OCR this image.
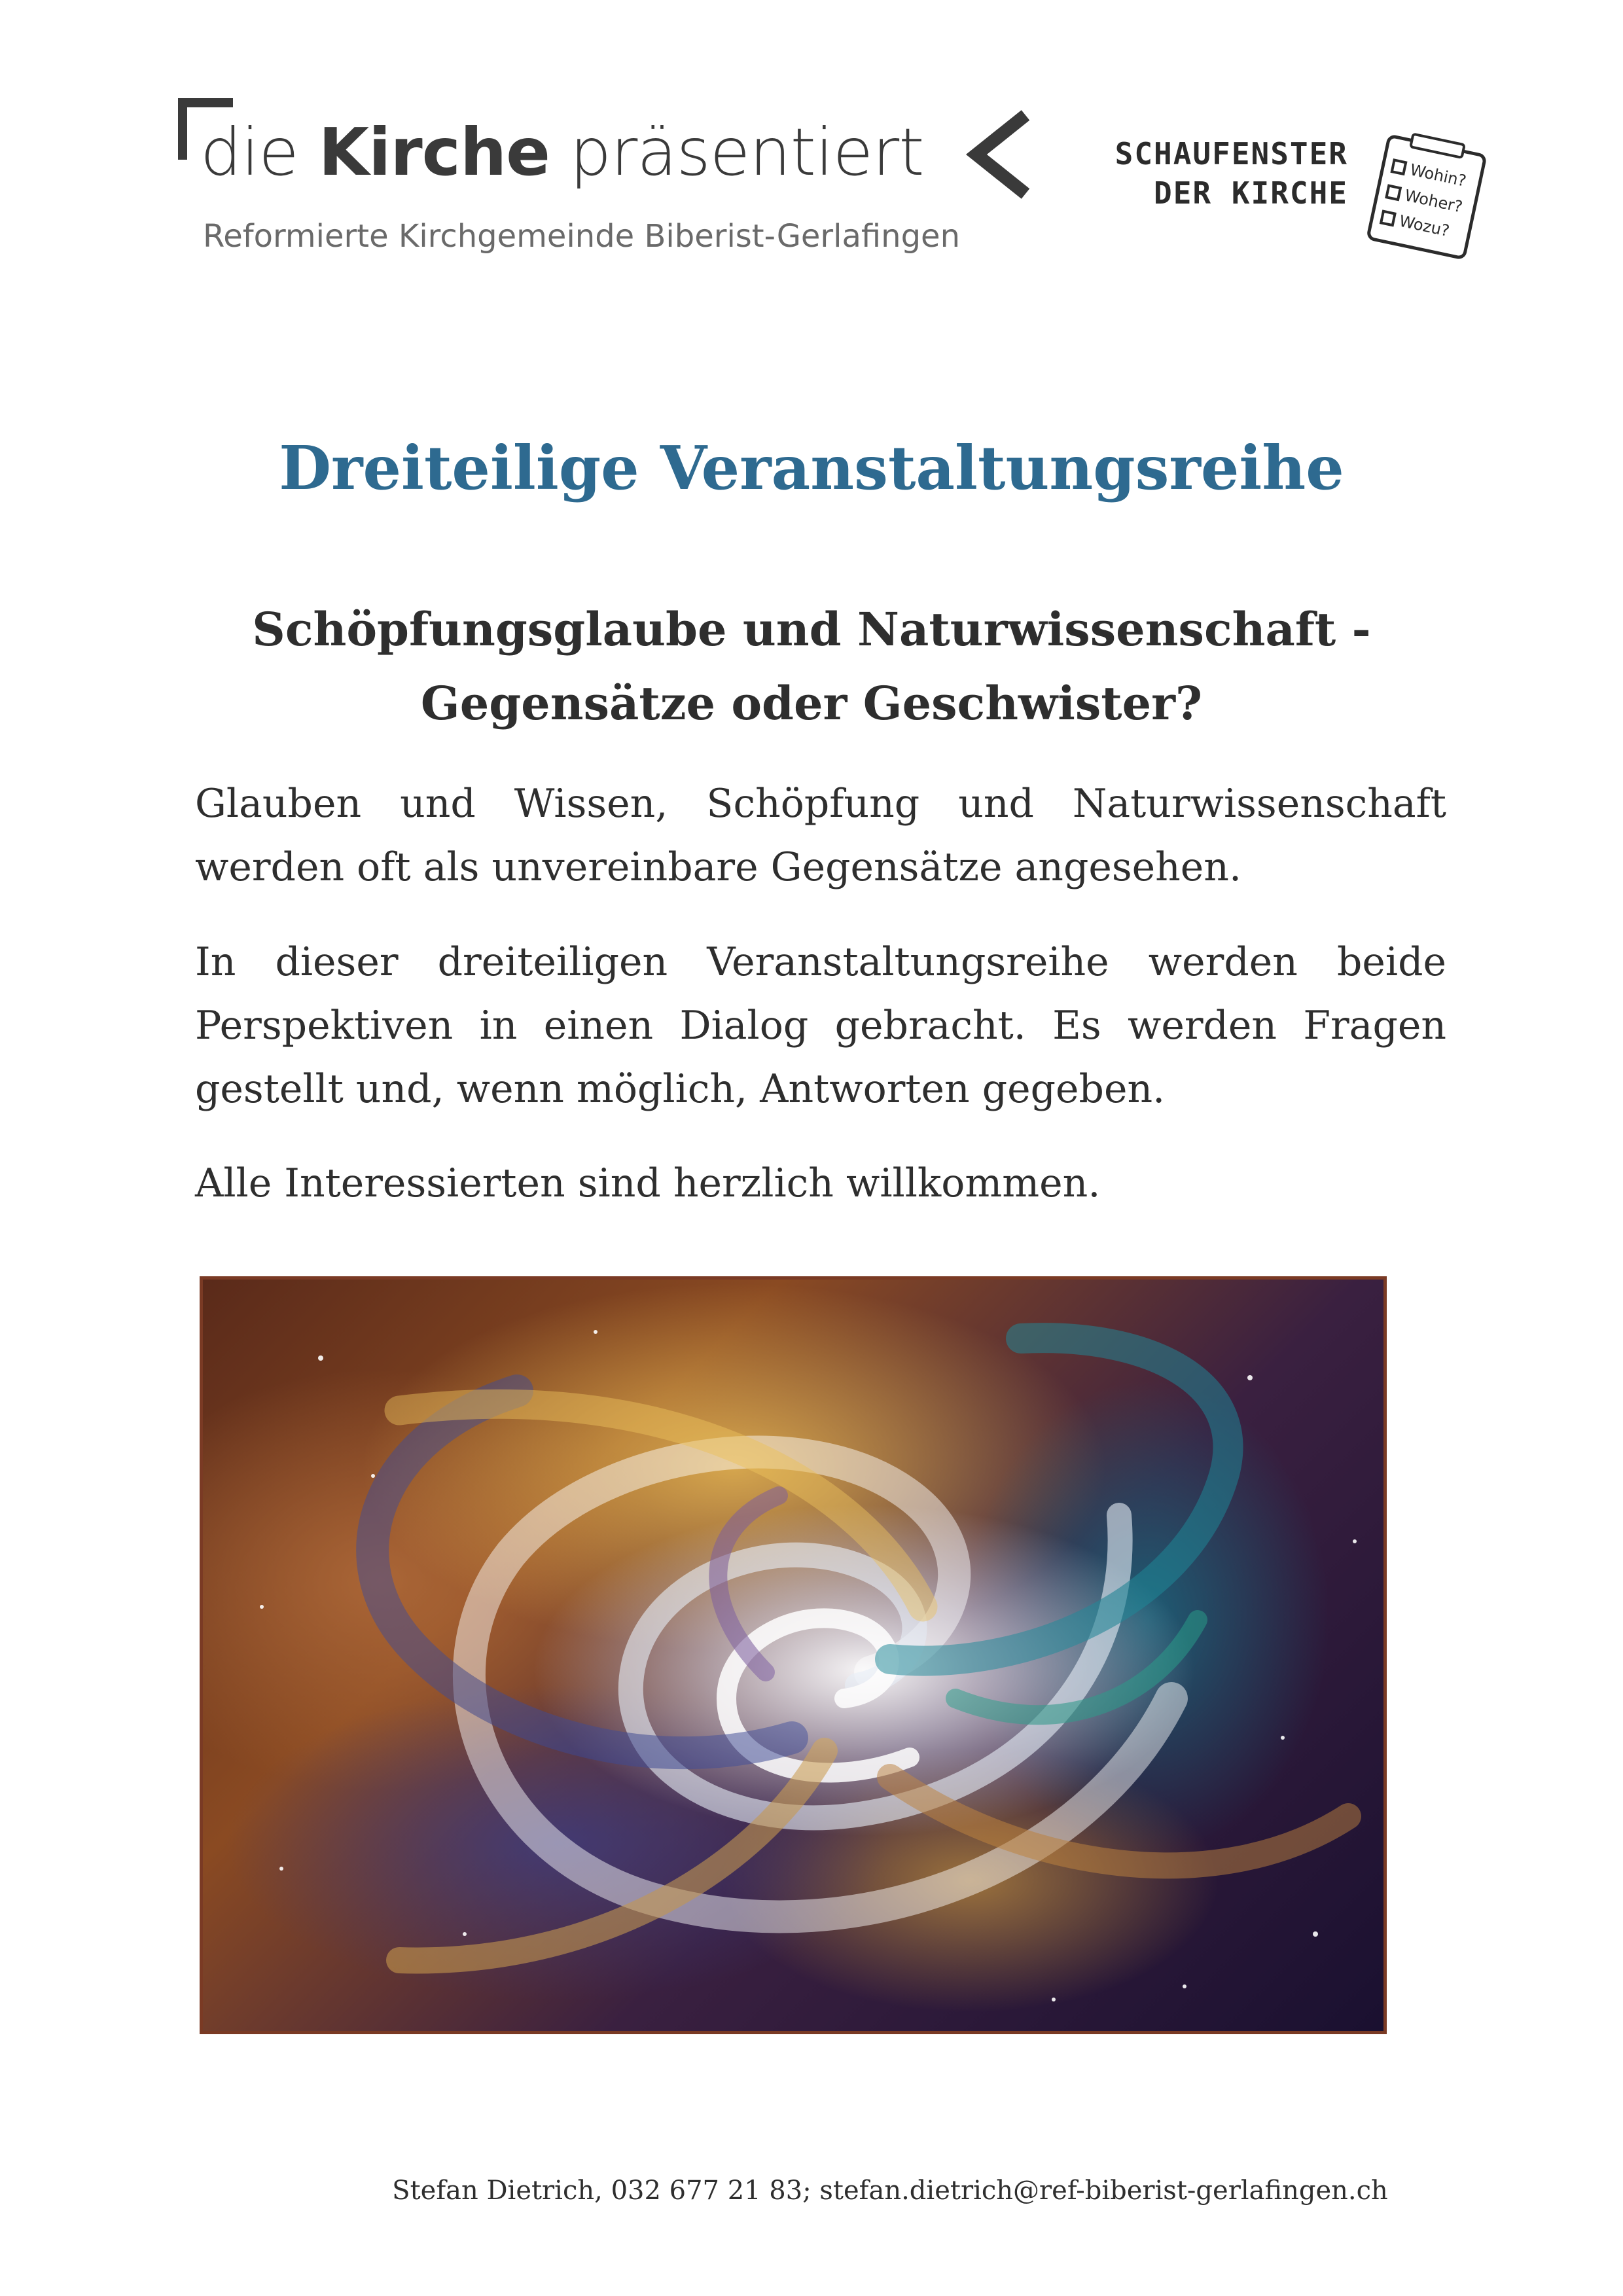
die Kirche präsentiert
Reformierte Kirchgemeinde Biberist-Gerlafingen
SCHAUFENSTER
DER KIRCHE
Wohin?
Woher?
Wozu?
Dreiteilige Veranstaltungsreihe
Schöpfungsglaube und Naturwissenschaft -
Gegensätze oder Geschwister?

Glauben und Wissen, Schöpfung und Naturwissenschaft werden oft als unvereinbare Gegensätze angesehen.

In dieser dreiteiligen Veranstaltungsreihe werden beide Perspektiven in einen Dialog gebracht. Es werden Fragen gestellt und, wenn möglich, Antworten gegeben.

Alle Interessierten sind herzlich willkommen.

Stefan Dietrich, 032 677 21 83; stefan.dietrich@ref-biberist-gerlafingen.ch
